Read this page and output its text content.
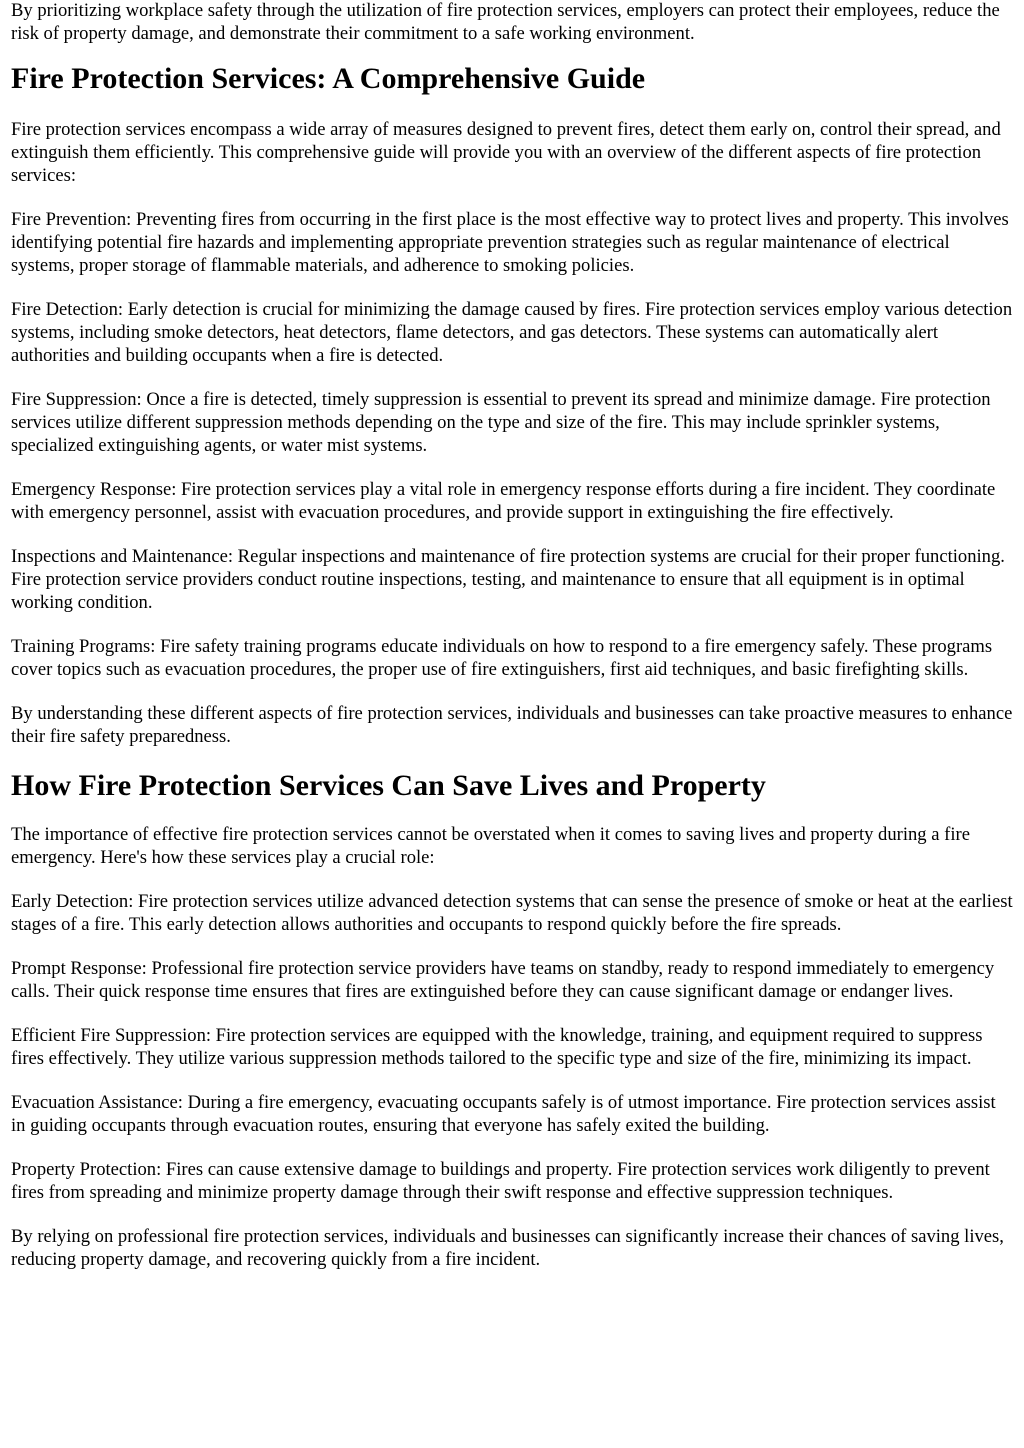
By prioritizing workplace safety through the utilization of fire protection services, employers can protect their employees, reduce the risk of property damage, and demonstrate their commitment to a safe working environment.

Fire Protection Services: A Comprehensive Guide

Fire protection services encompass a wide array of measures designed to prevent fires, detect them early on, control their spread, and extinguish them efficiently. This comprehensive guide will provide you with an overview of the different aspects of fire protection services:

Fire Prevention: Preventing fires from occurring in the first place is the most effective way to protect lives and property. This involves identifying potential fire hazards and implementing appropriate prevention strategies such as regular maintenance of electrical systems, proper storage of flammable materials, and adherence to smoking policies.

Fire Detection: Early detection is crucial for minimizing the damage caused by fires. Fire protection services employ various detection systems, including smoke detectors, heat detectors, flame detectors, and gas detectors. These systems can automatically alert authorities and building occupants when a fire is detected.

Fire Suppression: Once a fire is detected, timely suppression is essential to prevent its spread and minimize damage. Fire protection services utilize different suppression methods depending on the type and size of the fire. This may include sprinkler systems, specialized extinguishing agents, or water mist systems.

Emergency Response: Fire protection services play a vital role in emergency response efforts during a fire incident. They coordinate with emergency personnel, assist with evacuation procedures, and provide support in extinguishing the fire effectively.

Inspections and Maintenance: Regular inspections and maintenance of fire protection systems are crucial for their proper functioning. Fire protection service providers conduct routine inspections, testing, and maintenance to ensure that all equipment is in optimal working condition.

Training Programs: Fire safety training programs educate individuals on how to respond to a fire emergency safely. These programs cover topics such as evacuation procedures, the proper use of fire extinguishers, first aid techniques, and basic firefighting skills.

By understanding these different aspects of fire protection services, individuals and businesses can take proactive measures to enhance their fire safety preparedness.

How Fire Protection Services Can Save Lives and Property

The importance of effective fire protection services cannot be overstated when it comes to saving lives and property during a fire emergency. Here's how these services play a crucial role:

Early Detection: Fire protection services utilize advanced detection systems that can sense the presence of smoke or heat at the earliest stages of a fire. This early detection allows authorities and occupants to respond quickly before the fire spreads.

Prompt Response: Professional fire protection service providers have teams on standby, ready to respond immediately to emergency calls. Their quick response time ensures that fires are extinguished before they can cause significant damage or endanger lives.

Efficient Fire Suppression: Fire protection services are equipped with the knowledge, training, and equipment required to suppress fires effectively. They utilize various suppression methods tailored to the specific type and size of the fire, minimizing its impact.

Evacuation Assistance: During a fire emergency, evacuating occupants safely is of utmost importance. Fire protection services assist in guiding occupants through evacuation routes, ensuring that everyone has safely exited the building.

Property Protection: Fires can cause extensive damage to buildings and property. Fire protection services work diligently to prevent fires from spreading and minimize property damage through their swift response and effective suppression techniques.

By relying on professional fire protection services, individuals and businesses can significantly increase their chances of saving lives, reducing property damage, and recovering quickly from a fire incident.
